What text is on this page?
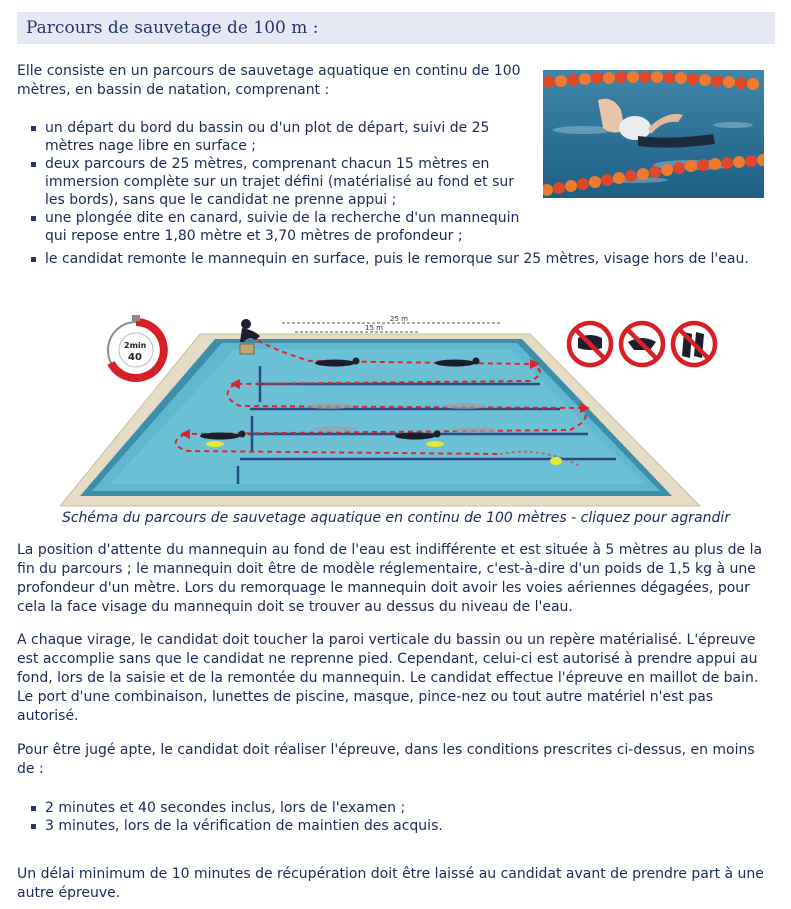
Parcours de sauvetage de 100 m :

Elle consiste en un parcours de sauvetage aquatique en continu de 100 mètres, en bassin de natation, comprenant :

un départ du bord du bassin ou d'un plot de départ, suivi de 25 mètres nage libre en surface ;
deux parcours de 25 mètres, comprenant chacun 15 mètres en immersion complète sur un trajet défini (matérialisé au fond et sur les bords), sans que le candidat ne prenne appui ;
une plongée dite en canard, suivie de la recherche d'un mannequin qui repose entre 1,80 mètre et 3,70 mètres de profondeur ;
le candidat remonte le mannequin en surface, puis le remorque sur 25 mètres, visage hors de l'eau.
25 m
15 m
2min
40
Schéma du parcours de sauvetage aquatique en continu de 100 mètres - cliquez pour agrandir

La position d'attente du mannequin au fond de l'eau est indifférente et est située à 5 mètres au plus de la fin du parcours ; le mannequin doit être de modèle réglementaire, c'est-à-dire d'un poids de 1,5 kg à une profondeur d'un mètre. Lors du remorquage le mannequin doit avoir les voies aériennes dégagées, pour cela la face visage du mannequin doit se trouver au dessus du niveau de l'eau.

A chaque virage, le candidat doit toucher la paroi verticale du bassin ou un repère matérialisé. L'épreuve est accomplie sans que le candidat ne reprenne pied. Cependant, celui-ci est autorisé à prendre appui au fond, lors de la saisie et de la remontée du mannequin. Le candidat effectue l'épreuve en maillot de bain. Le port d'une combinaison, lunettes de piscine, masque, pince-nez ou tout autre matériel n'est pas autorisé.

Pour être jugé apte, le candidat doit réaliser l'épreuve, dans les conditions prescrites ci-dessus, en moins de :

2 minutes et 40 secondes inclus, lors de l'examen ;
3 minutes, lors de la vérification de maintien des acquis.

Un délai minimum de 10 minutes de récupération doit être laissé au candidat avant de prendre part à une autre épreuve.
